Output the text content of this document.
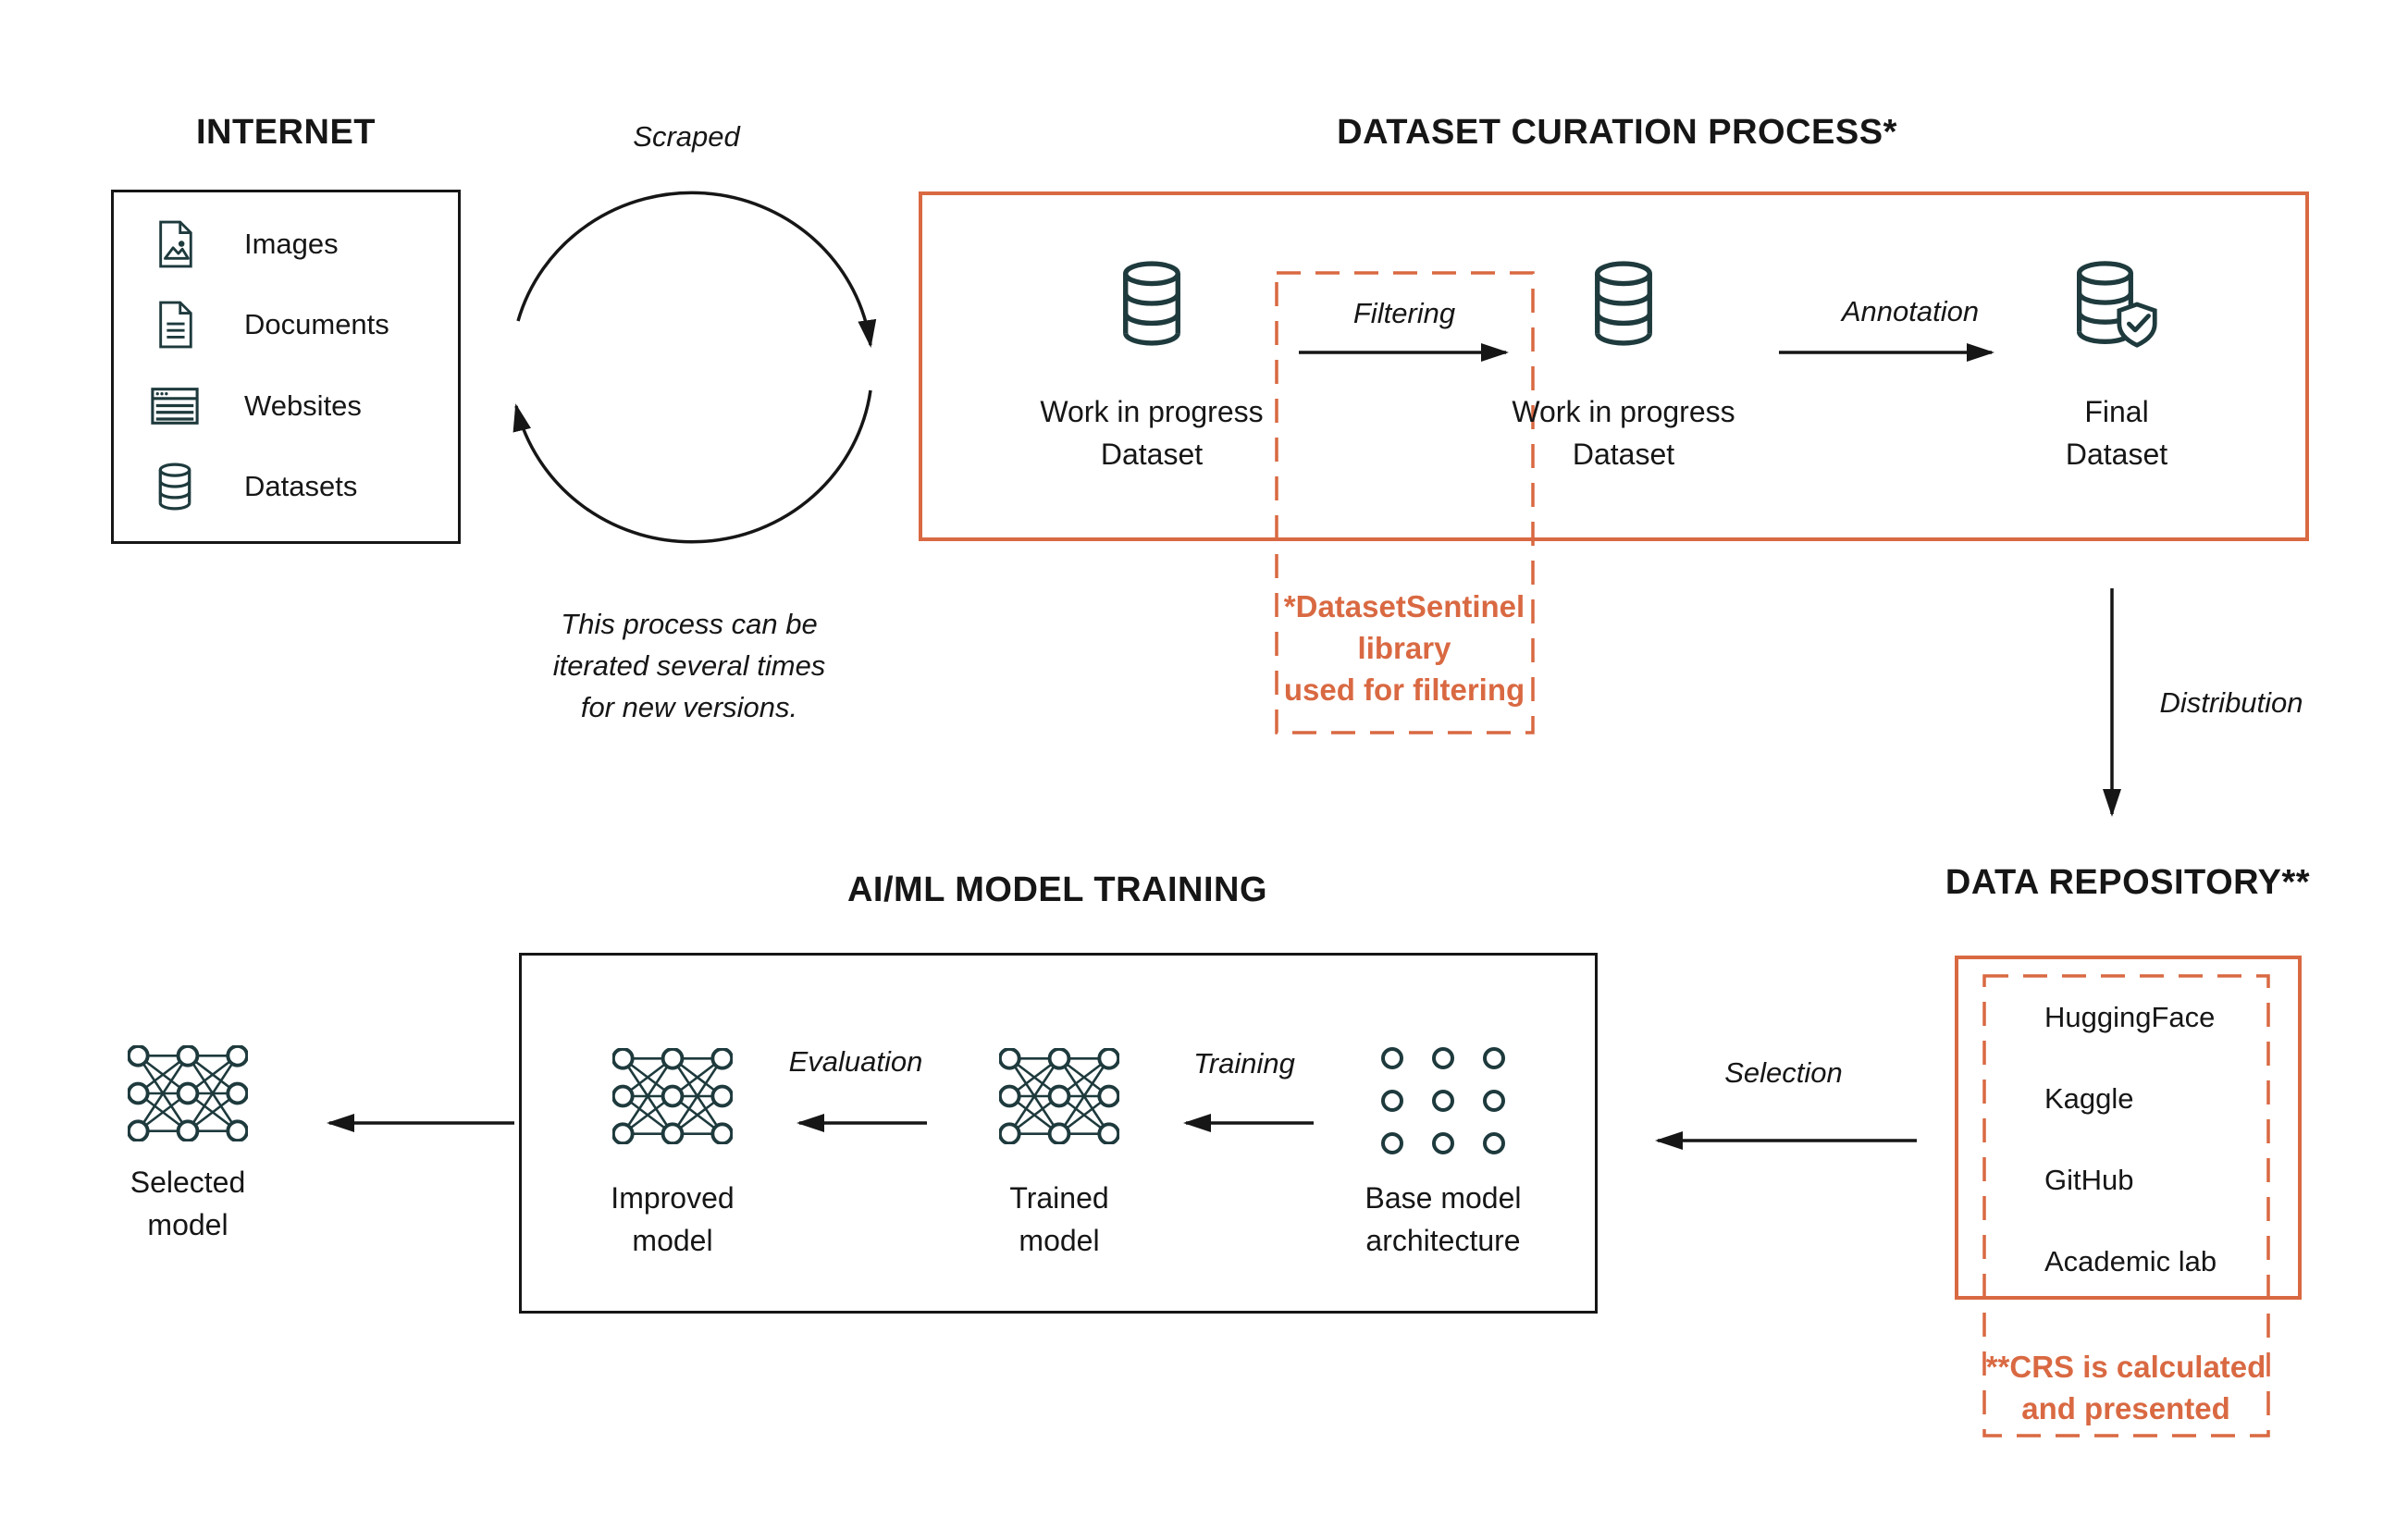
INTERNET
Images
Documents
Websites
Datasets
Scraped
This process can be
iterated several times
for new versions.
DATASET CURATION PROCESS*
Work in progress
Dataset
Filtering
Work in progress
Dataset
Annotation
Final
Dataset
*DatasetSentinel
library
used for filtering	Distribution
DATA REPOSITORY**
HuggingFace
Kaggle
GitHub
Academic lab
**CRS is calculated
and presented
AI/ML MODEL TRAINING
Selection
Base model
architecture
Training
Trained
model
Evaluation
Improved
model
Selected
model
